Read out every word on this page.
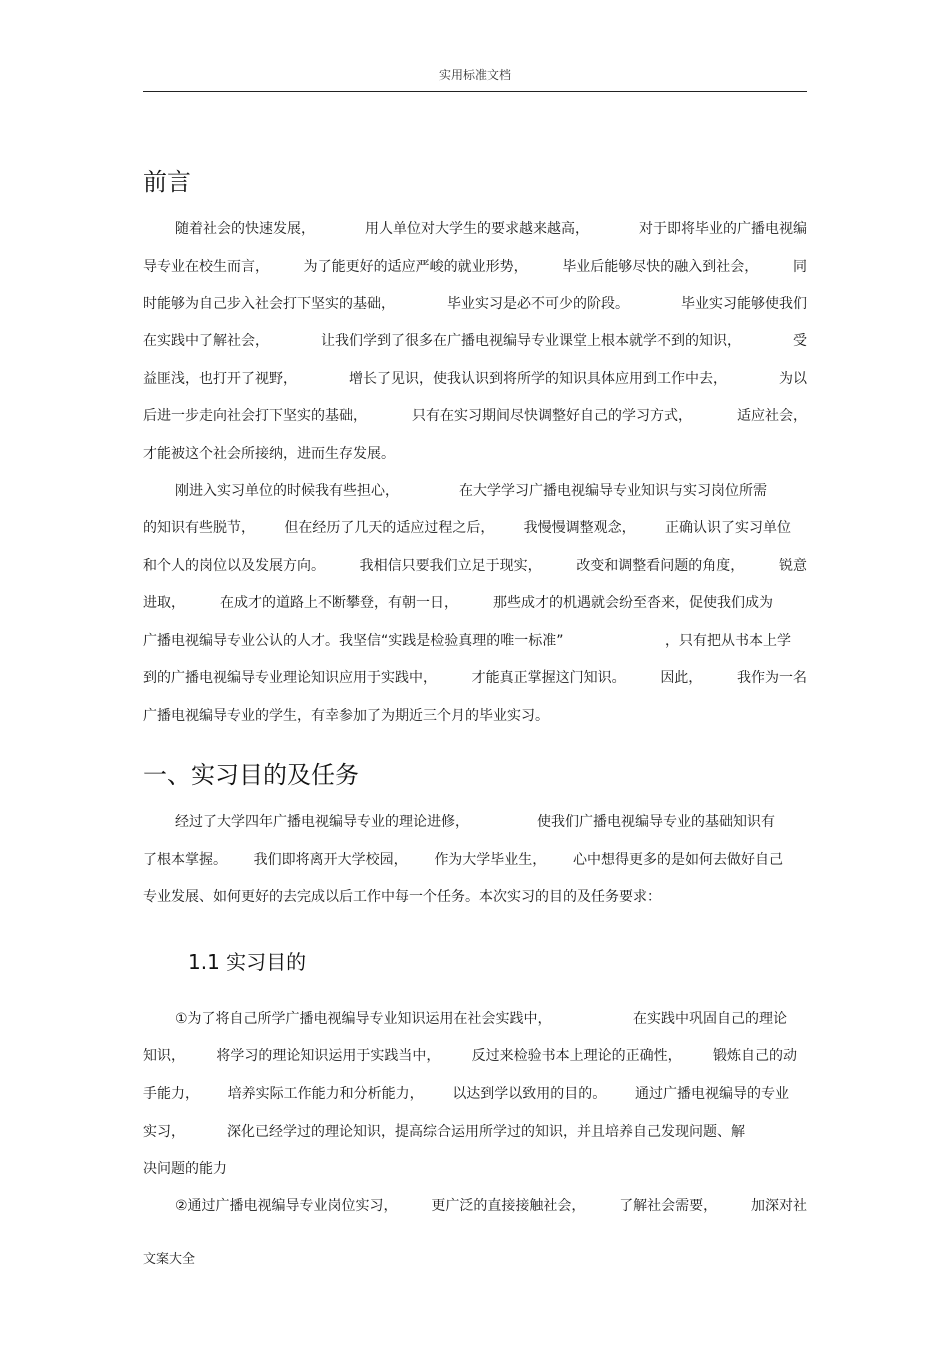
实用标准文档
前言
随着社会的快速发展，	用人单位对大学生的要求越来越高，	对于即将毕业的广播电视编
导专业在校生而言， 为了能更好的适应严峻的就业形势， 毕业后能够尽快的融入到社会， 同
时能够为自己步入社会打下坚实的基础，	毕业实习是必不可少的阶段。	毕业实习能够使我们
在实践中了解社会，	让我们学到了很多在广播电视编导专业课堂上根本就学不到的知识，	受
益匪浅，也打开了视野，	增长了见识，使我认识到将所学的知识具体应用到工作中去，	为以
后进一步走向社会打下坚实的基础，	只有在实习期间尽快调整好自己的学习方式，	适应社会，
才能被这个社会所接纳，进而生存发展。
刚进入实习单位的时候我有些担心，	在大学学习广播电视编导专业知识与实习岗位所需
的知识有些脱节， 但在经历了几天的适应过程之后， 我慢慢调整观念， 正确认识了实习单位
和个人的岗位以及发展方向。 我相信只要我们立足于现实， 改变和调整看问题的角度， 锐意
进取，	在成才的道路上不断攀登，有朝一日，	那些成才的机遇就会纷至沓来，促使我们成为
广播电视编导专业公认的人才。我坚信“实践是检验真理的唯一标准”	，只有把从书本上学
到的广播电视编导专业理论知识应用于实践中， 才能真正掌握这门知识。 因此， 我作为一名
广播电视编导专业的学生，有幸参加了为期近三个月的毕业实习。
一、实习目的及任务
经过了大学四年广播电视编导专业的理论进修，	使我们广播电视编导专业的基础知识有
了根本掌握。 我们即将离开大学校园， 作为大学毕业生， 心中想得更多的是如何去做好自己
专业发展、如何更好的去完成以后工作中每一个任务。本次实习的目的及任务要求：
1.1 实习目的
①为了将自己所学广播电视编导专业知识运用在社会实践中，	在实践中巩固自己的理论
知识， 将学习的理论知识运用于实践当中， 反过来检验书本上理论的正确性， 锻炼自己的动
手能力， 培养实际工作能力和分析能力， 以达到学以致用的目的。 通过广播电视编导的专业
实习，	深化已经学过的理论知识，提高综合运用所学过的知识，并且培养自己发现问题、解
决问题的能力
②通过广播电视编导专业岗位实习， 更广泛的直接接触社会， 了解社会需要， 加深对社
文案大全
